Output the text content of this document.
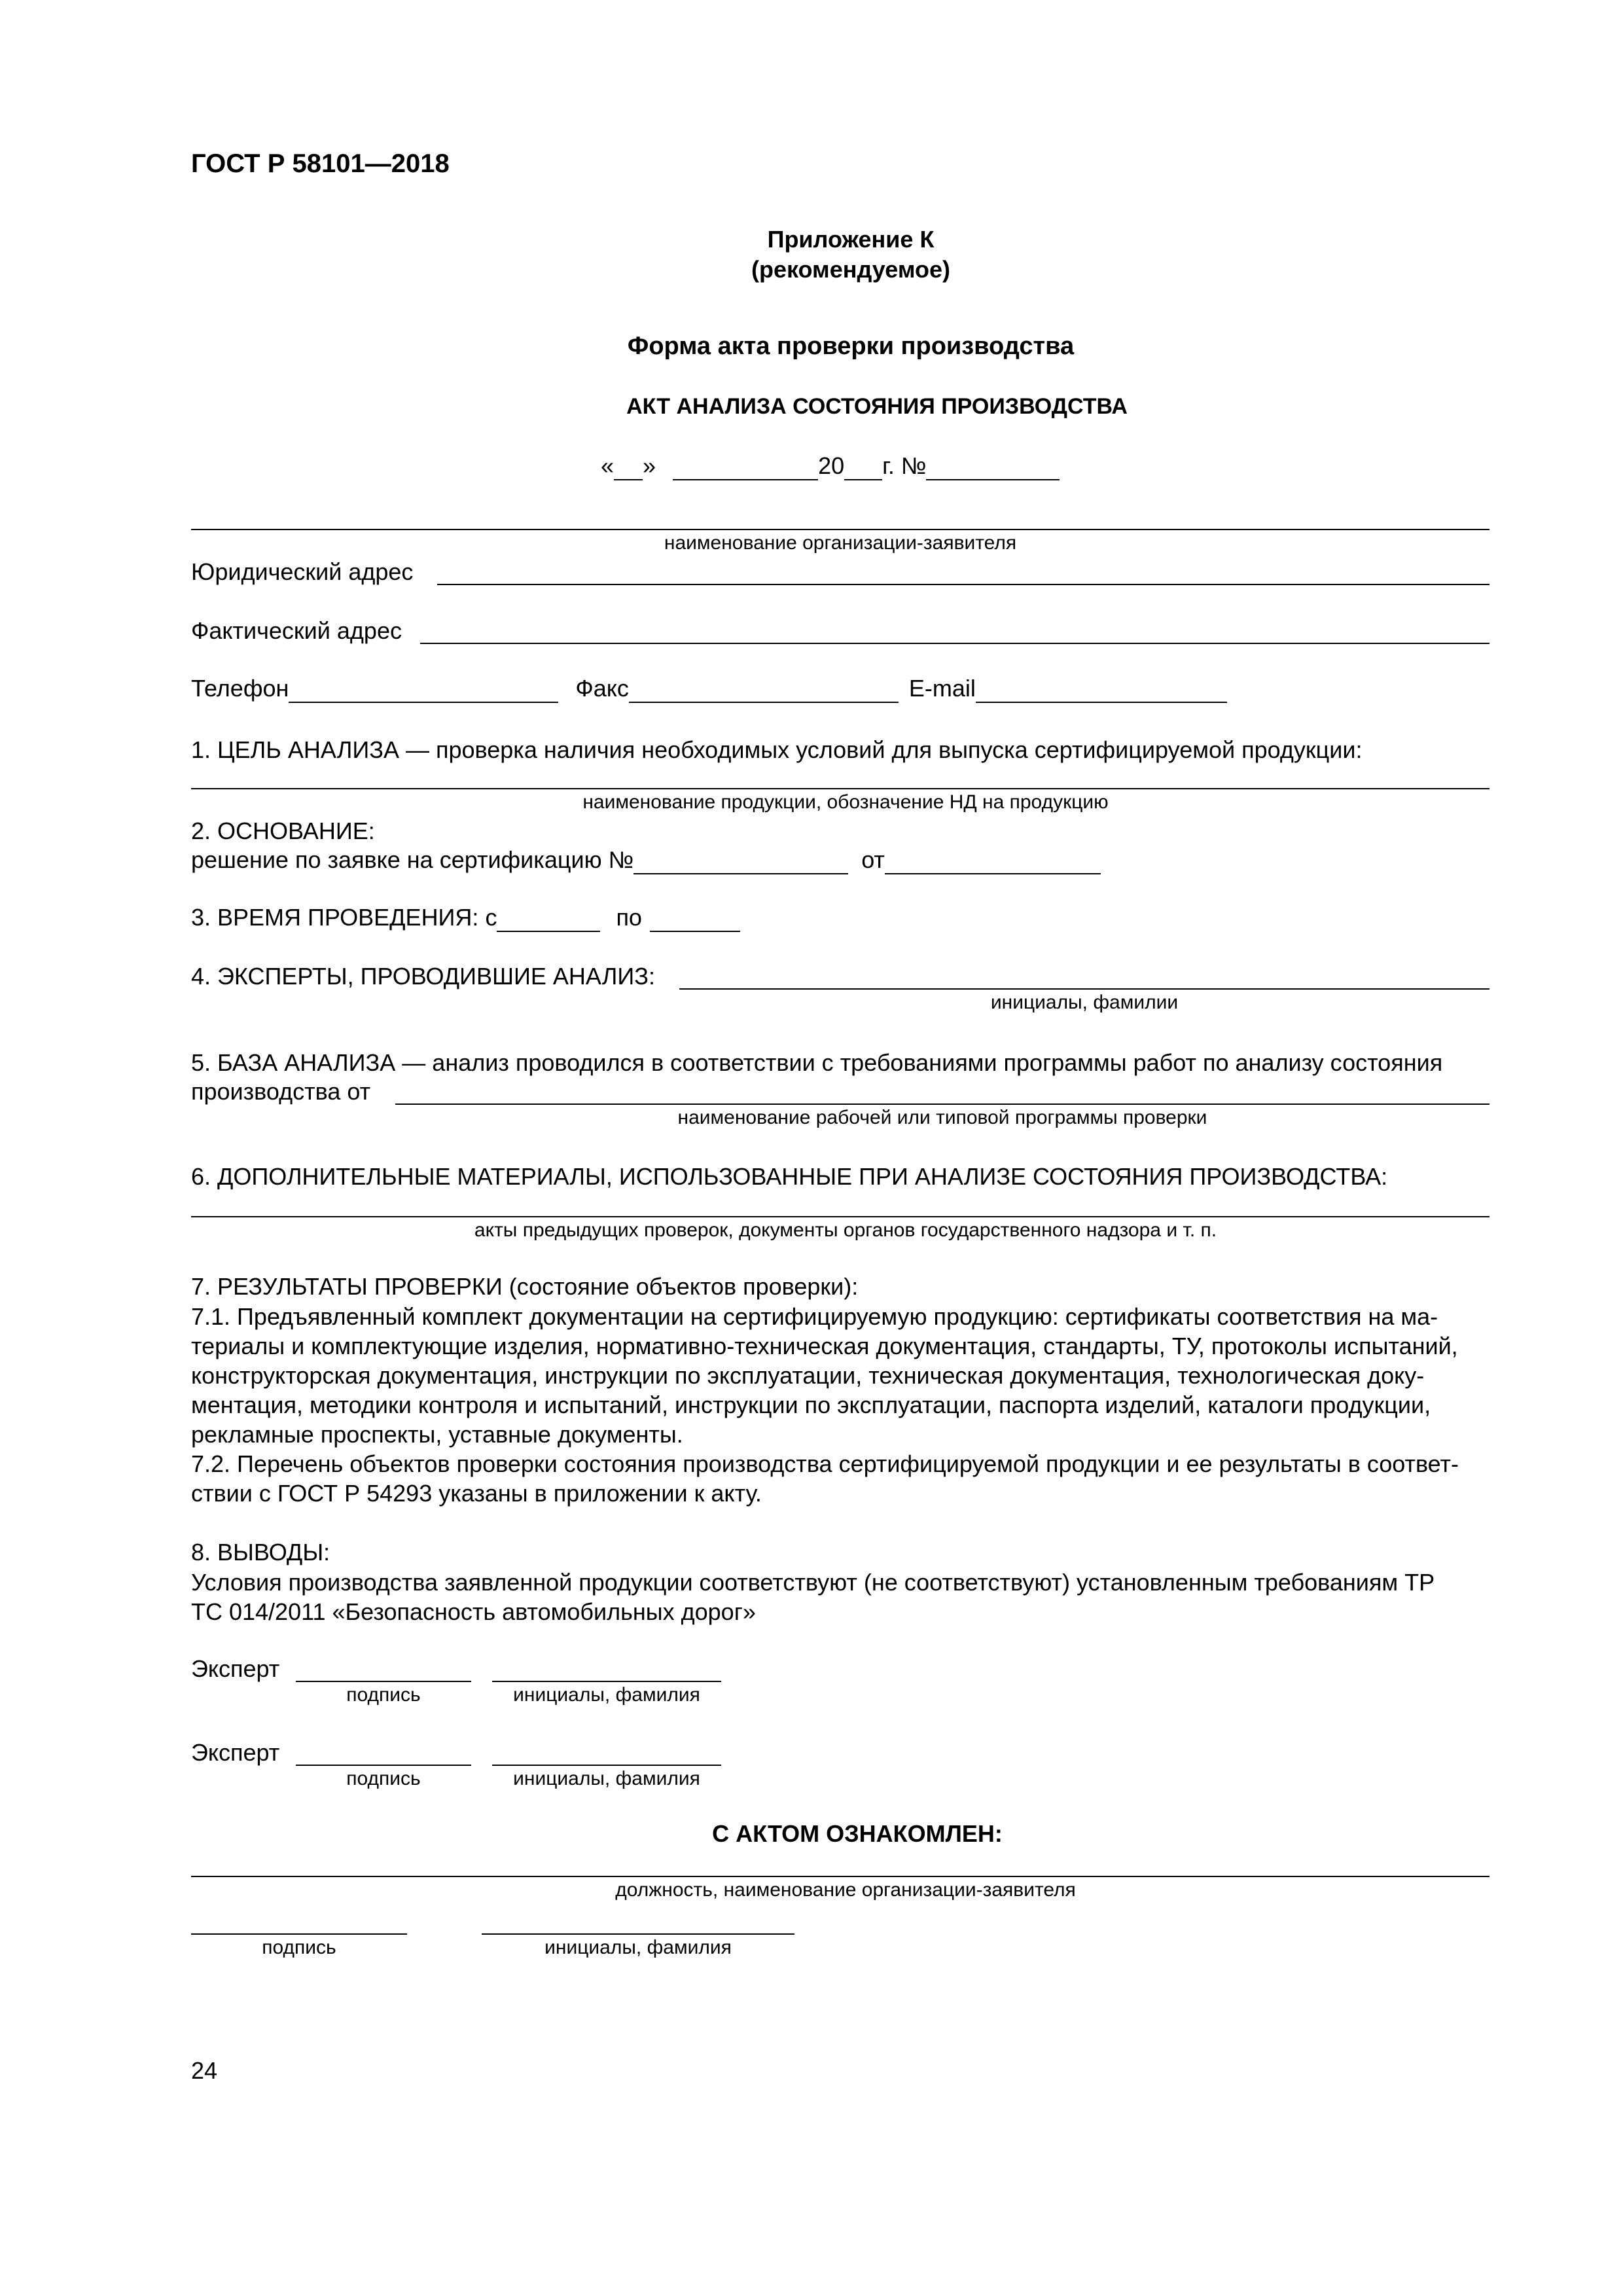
ГОСТ Р 58101—2018
Приложение К
(рекомендуемое)
Форма акта проверки производства
АКТ АНАЛИЗА СОСТОЯНИЯ ПРОИЗВОДСТВА
« »	20 г. №
наименование организации-заявителя
Юридический адрес
Фактический адрес
Телефон	Факс	E-mail
1. ЦЕЛЬ АНАЛИЗА — проверка наличия необходимых условий для выпуска сертифицируемой продукции:
наименование продукции, обозначение НД на продукцию
2. ОСНОВАНИЕ:
решение по заявке на сертификацию №	от
3. ВРЕМЯ ПРОВЕДЕНИЯ: с	по
4. ЭКСПЕРТЫ, ПРОВОДИВШИЕ АНАЛИЗ:
инициалы, фамилии
5. БАЗА АНАЛИЗА — анализ проводился в соответствии с требованиями программы работ по анализу состояния
производства от
наименование рабочей или типовой программы проверки
6. ДОПОЛНИТЕЛЬНЫЕ МАТЕРИАЛЫ, ИСПОЛЬЗОВАННЫЕ ПРИ АНАЛИЗЕ СОСТОЯНИЯ ПРОИЗВОДСТВА:
акты предыдущих проверок, документы органов государственного надзора и т. п.
7. РЕЗУЛЬТАТЫ ПРОВЕРКИ (состояние объектов проверки):
7.1. Предъявленный комплект документации на сертифицируемую продукцию: сертификаты соответствия на ма-
териалы и комплектующие изделия, нормативно-техническая документация, стандарты, ТУ, протоколы испытаний,
конструкторская документация, инструкции по эксплуатации, техническая документация, технологическая доку-
ментация, методики контроля и испытаний, инструкции по эксплуатации, паспорта изделий, каталоги продукции,
рекламные проспекты, уставные документы.
7.2. Перечень объектов проверки состояния производства сертифицируемой продукции и ее результаты в соответ-
ствии с ГОСТ Р 54293 указаны в приложении к акту.
8. ВЫВОДЫ:
Условия производства заявленной продукции соответствуют (не соответствуют) установленным требованиям ТР
ТС 014/2011 «Безопасность автомобильных дорог»
Эксперт
подпись	инициалы, фамилия
Эксперт
подпись	инициалы, фамилия
С АКТОМ ОЗНАКОМЛЕН:
должность, наименование организации-заявителя
подпись	инициалы, фамилия
24
